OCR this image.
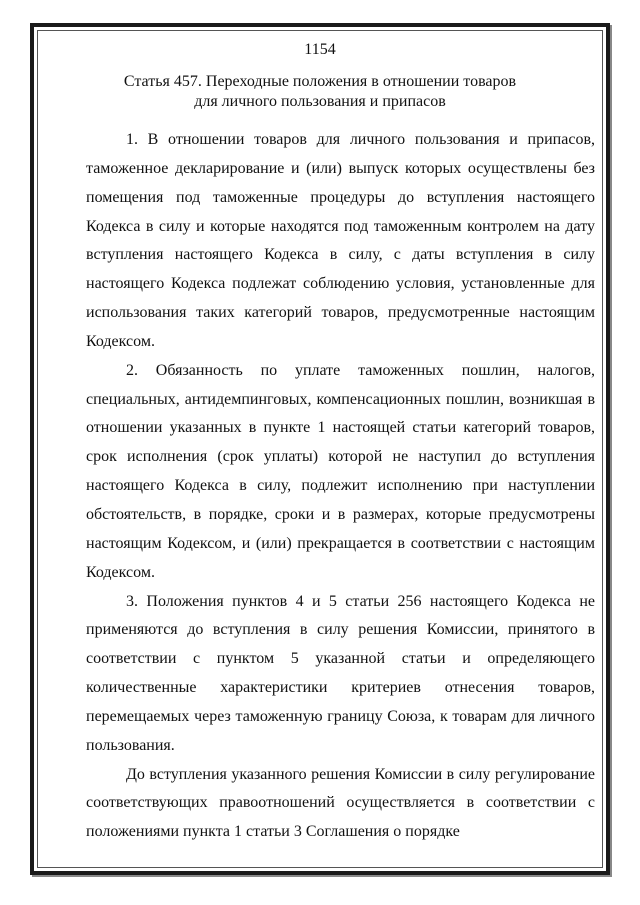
1154
Статья 457. Переходные положения в отношении товаров
для личного пользования и припасов

1. В отношении товаров для личного пользования и припасов, таможенное декларирование и (или) выпуск которых осуществлены без помещения под таможенные процедуры до вступления настоящего Кодекса в силу и которые находятся под таможенным контролем на дату вступления настоящего Кодекса в силу, с даты вступления в силу настоящего Кодекса подлежат соблюдению условия, установленные для использования таких категорий товаров, предусмотренные настоящим Кодексом.

2. Обязанность по уплате таможенных пошлин, налогов, специальных, антидемпинговых, компенсационных пошлин, возникшая в отношении указанных в пункте 1 настоящей статьи категорий товаров, срок исполнения (срок уплаты) которой не наступил до вступления настоящего Кодекса в силу, подлежит исполнению при наступлении обстоятельств, в порядке, сроки и в размерах, которые предусмотрены настоящим Кодексом, и (или) прекращается в соответствии с настоящим Кодексом.

3. Положения пунктов 4 и 5 статьи 256 настоящего Кодекса не применяются до вступления в силу решения Комиссии, принятого в соответствии с пунктом 5 указанной статьи и определяющего количественные характеристики критериев отнесения товаров, перемещаемых через таможенную границу Союза, к товарам для личного пользования.

До вступления указанного решения Комиссии в силу регулирование соответствующих правоотношений осуществляется в соответствии с положениями пункта 1 статьи 3 Соглашения о порядке
